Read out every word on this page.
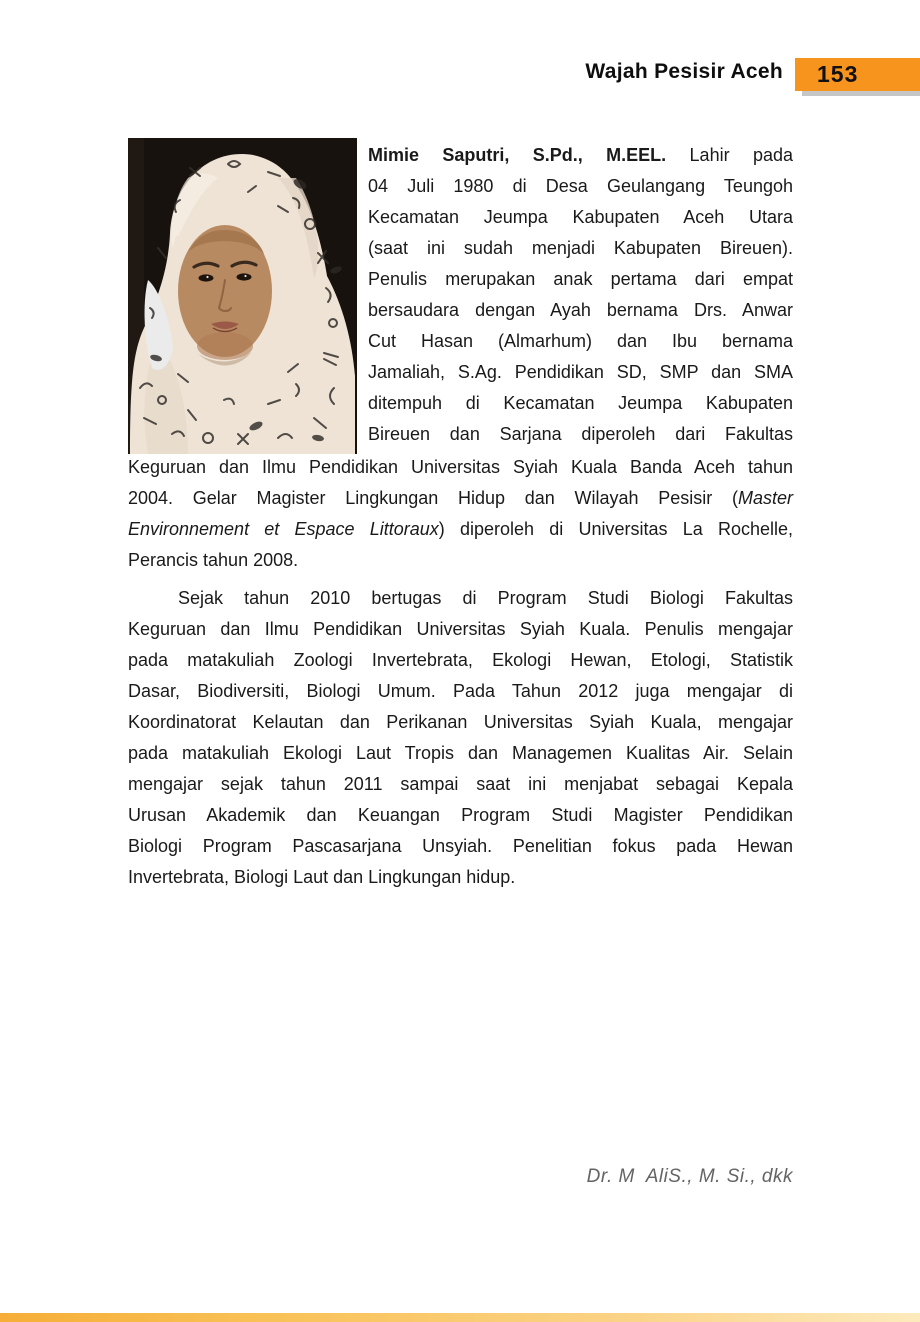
Wajah Pesisir Aceh	153
Mimie Saputri, S.Pd., M.EEL. Lahir pada
04 Juli 1980 di Desa Geulangang Teungoh
Kecamatan Jeumpa Kabupaten Aceh Utara
(saat ini sudah menjadi Kabupaten Bireuen).
Penulis merupakan anak pertama dari empat
bersaudara dengan Ayah bernama Drs. Anwar
Cut Hasan (Almarhum) dan Ibu bernama
Jamaliah, S.Ag. Pendidikan SD, SMP dan SMA
ditempuh di Kecamatan Jeumpa Kabupaten
Bireuen dan Sarjana diperoleh dari Fakultas
Keguruan dan Ilmu Pendidikan Universitas Syiah Kuala Banda Aceh tahun
2004. Gelar Magister Lingkungan Hidup dan Wilayah Pesisir (Master
Environnement et Espace Littoraux) diperoleh di Universitas La Rochelle,
Perancis tahun 2008.
Sejak tahun 2010 bertugas di Program Studi Biologi Fakultas
Keguruan dan Ilmu Pendidikan Universitas Syiah Kuala. Penulis mengajar
pada matakuliah Zoologi Invertebrata, Ekologi Hewan, Etologi, Statistik
Dasar, Biodiversiti, Biologi Umum. Pada Tahun 2012 juga mengajar di
Koordinatorat Kelautan dan Perikanan Universitas Syiah Kuala, mengajar
pada matakuliah Ekologi Laut Tropis dan Managemen Kualitas Air. Selain
mengajar sejak tahun 2011 sampai saat ini menjabat sebagai Kepala
Urusan Akademik dan Keuangan Program Studi Magister Pendidikan
Biologi Program Pascasarjana Unsyiah. Penelitian fokus pada Hewan
Invertebrata, Biologi Laut dan Lingkungan hidup.
Dr. M  AliS., M. Si., dkk
